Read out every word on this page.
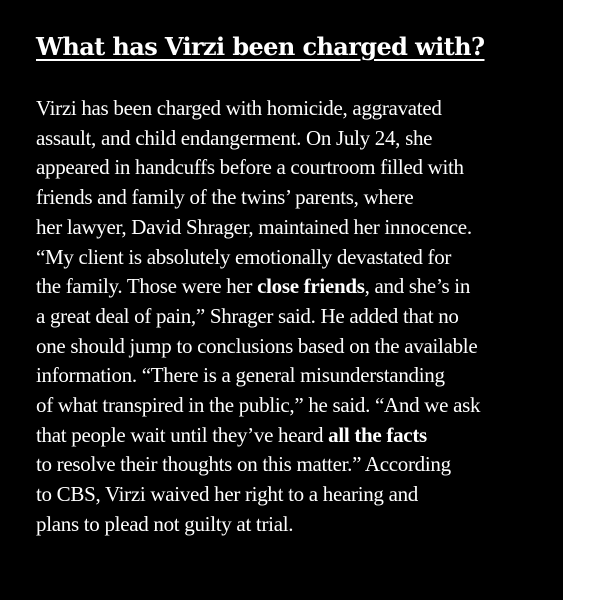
What has Virzi been charged with?
Virzi has been charged with homicide, aggravated
assault, and child endangerment. On July 24, she
appeared in handcuffs before a courtroom filled with
friends and family of the twins’ parents, where
her lawyer, David Shrager, maintained her innocence.
“My client is absolutely emotionally devastated for
the family. Those were her close friends, and she’s in
a great deal of pain,” Shrager said. He added that no
one should jump to conclusions based on the available
information. “There is a general misunderstanding
of what transpired in the public,” he said. “And we ask
that people wait until they’ve heard all the facts
to resolve their thoughts on this matter.” According
to CBS, Virzi waived her right to a hearing and
plans to plead not guilty at trial.
